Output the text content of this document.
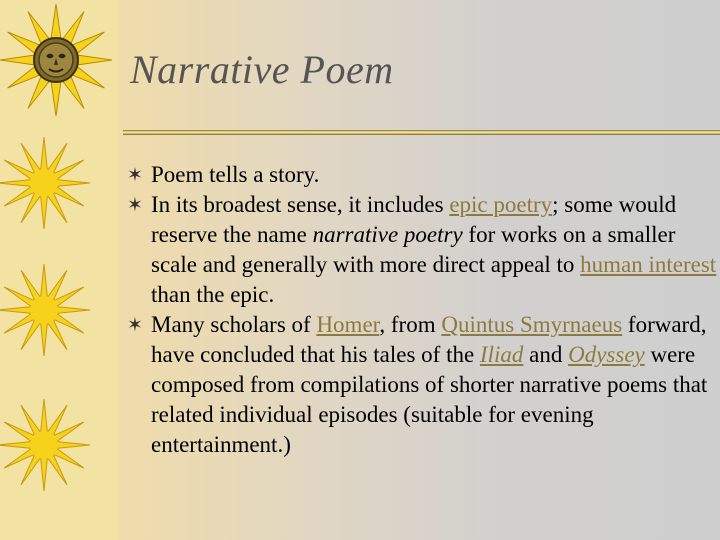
Narrative Poem
✶ Poem tells a story.
✶ In its broadest sense, it includes epic poetry; some would reserve the name narrative poetry for works on a smaller scale and generally with more direct appeal to human interest than the epic.
✶ Many scholars of Homer, from Quintus Smyrnaeus forward, have concluded that his tales of the Iliad and Odyssey were composed from compilations of shorter narrative poems that related individual episodes (suitable for evening entertainment.)
